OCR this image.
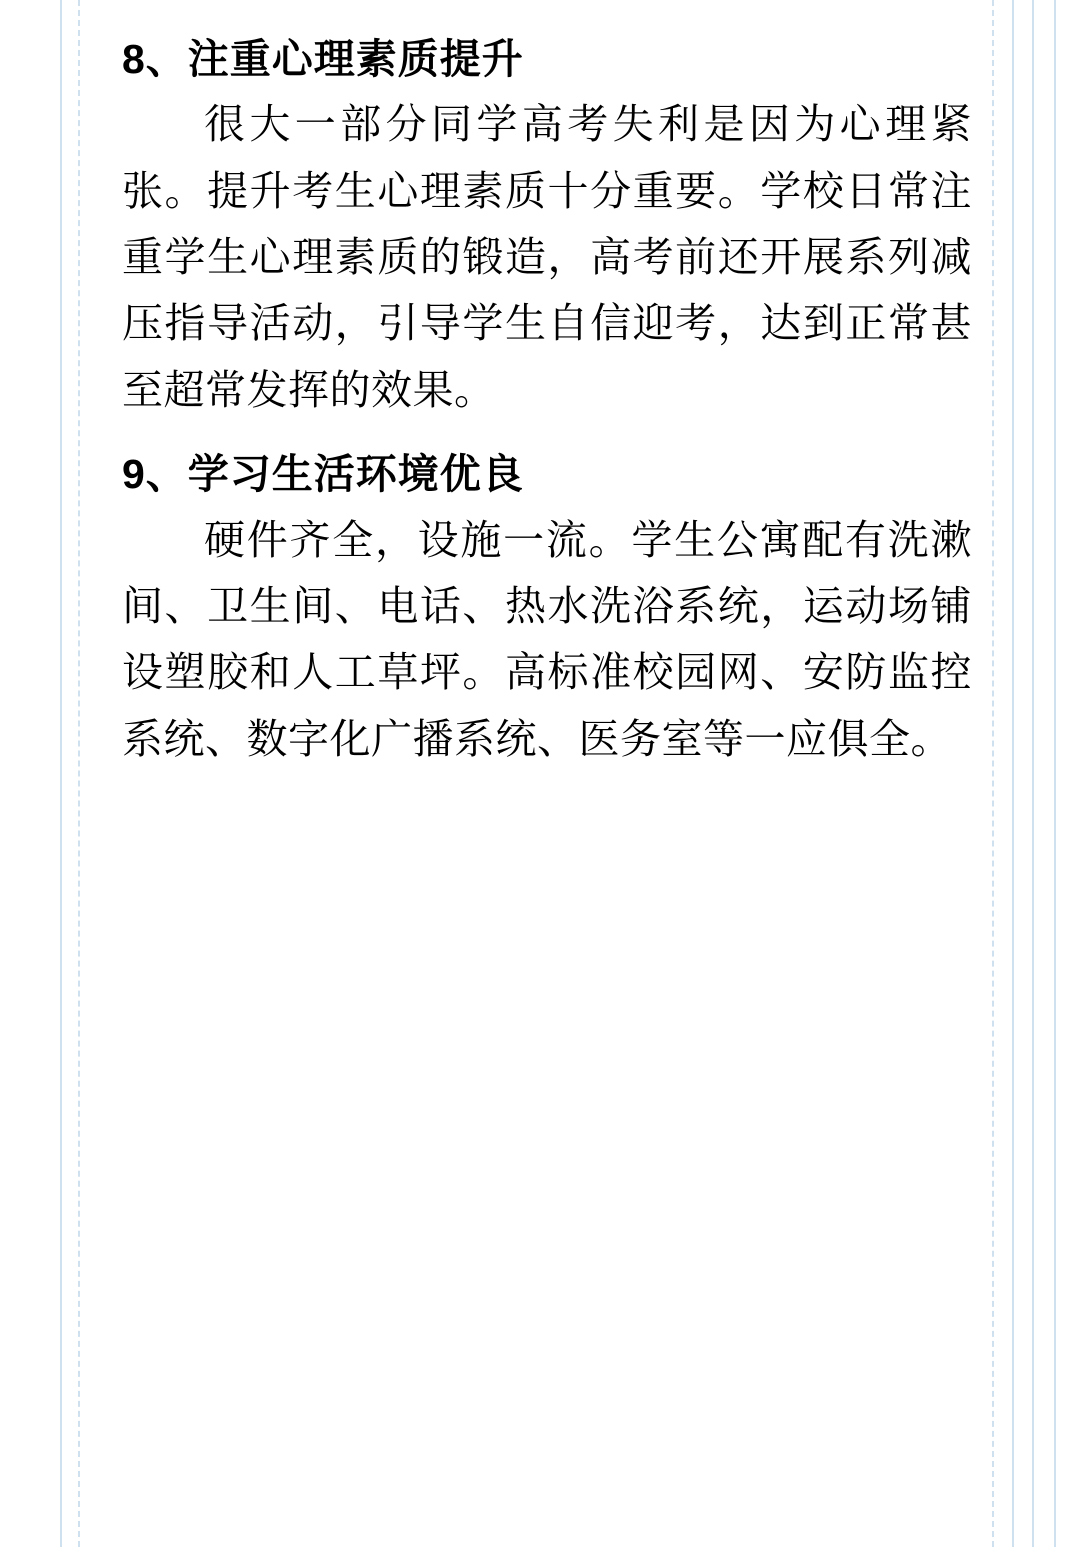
8、注重心理素质提升

很大一部分同学高考失利是因为心理紧张。提升考生心理素质十分重要。学校日常注重学生心理素质的锻造，高考前还开展系列减压指导活动，引导学生自信迎考，达到正常甚至超常发挥的效果。

9、学习生活环境优良

硬件齐全，设施一流。学生公寓配有洗漱间、卫生间、电话、热水洗浴系统，运动场铺设塑胶和人工草坪。高标准校园网、安防监控系统、数字化广播系统、医务室等一应俱全。
